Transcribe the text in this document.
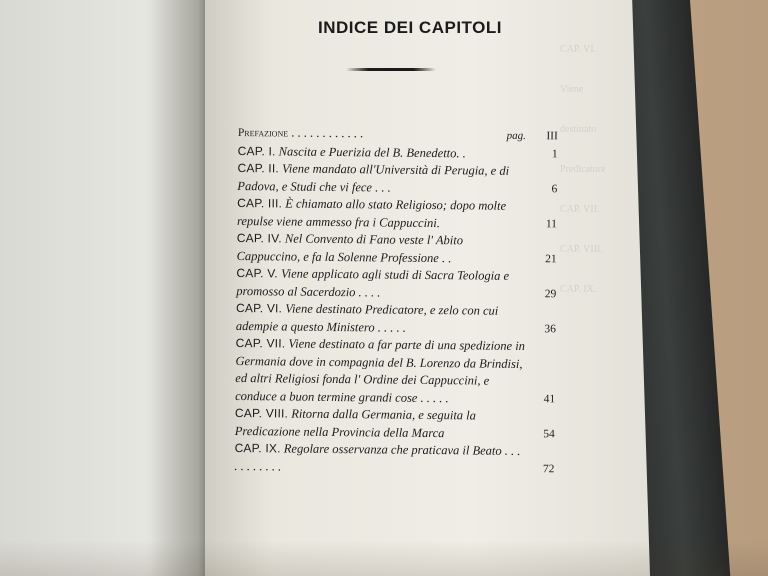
CAP. VI. Viene destinato Predicatore CAP. VII. CAP. VIII. CAP. IX.
INDICE DEI CAPITOLI
Prefazione . . . . . . . . . . . .	pag. III
CAP. I. Nascita e Puerizia del B. Benedetto. .	1
CAP. II. Viene mandato all'Università di Perugia, e di Padova, e Studi che vi fece . . .	6
CAP. III. È chiamato allo stato Religioso; dopo molte repulse viene ammesso fra i Cappuccini.	11
CAP. IV. Nel Convento di Fano veste l' Abito Cappuccino, e fa la Solenne Professione . .	21
CAP. V. Viene applicato agli studi di Sacra Teologia e promosso al Sacerdozio . . . .	29
CAP. VI. Viene destinato Predicatore, e zelo con cui adempie a questo Ministero . . . . .	36
CAP. VII. Viene destinato a far parte di una spedizione in Germania dove in compagnia del B. Lorenzo da Brindisi, ed altri Religiosi fonda l' Ordine dei Cappuccini, e conduce a buon termine grandi cose . . . . .	41
CAP. VIII. Ritorna dalla Germania, e seguita la Predicazione nella Provincia della Marca	54
CAP. IX. Regolare osservanza che praticava il Beato . . . . . . . . . . .	72
